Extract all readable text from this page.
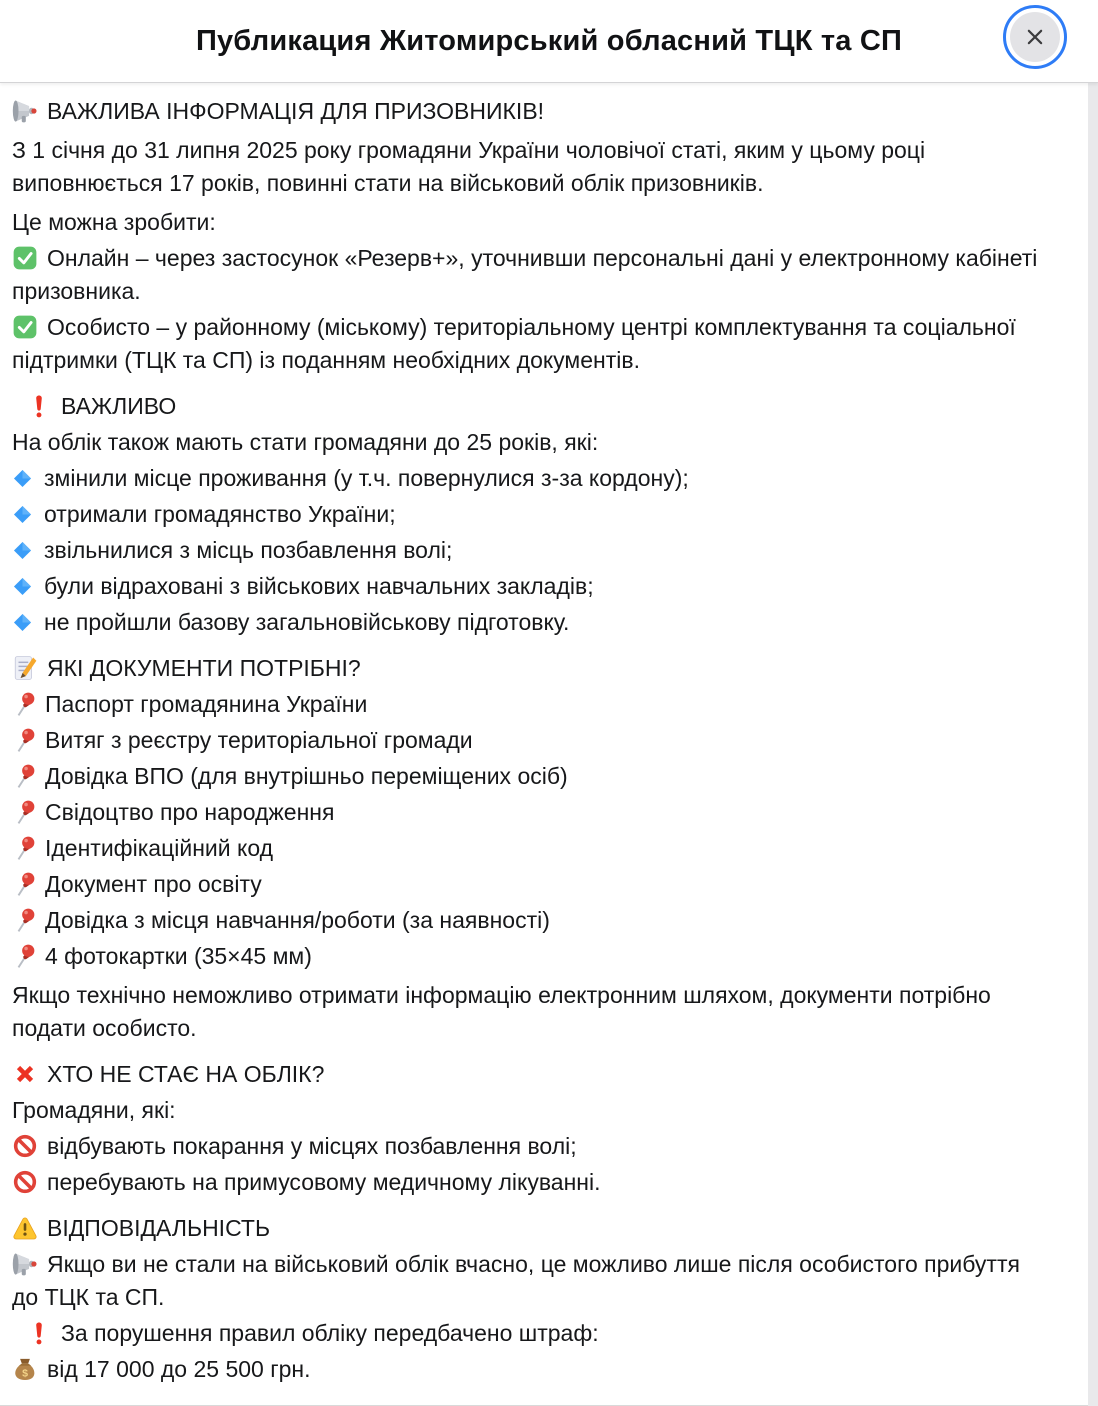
Публикация Житомирський обласний ТЦК та СП

ВАЖЛИВА ІНФОРМАЦІЯ ДЛЯ ПРИЗОВНИКІВ!

З 1 січня до 31 липня 2025 року громадяни України чоловічої статі, яким у цьому році виповнюється 17 років, повинні стати на військовий облік призовників.

Це можна зробити:

Онлайн – через застосунок «Резерв+», уточнивши персональні дані у електронному кабінеті призовника.

Особисто – у районному (міському) територіальному центрі комплектування та соціальної підтримки (ТЦК та СП) із поданням необхідних документів.

ВАЖЛИВО

На облік також мають стати громадяни до 25 років, які:

змінили місце проживання (у т.ч. повернулися з-за кордону);

отримали громадянство України;

звільнилися з місць позбавлення волі;

були відраховані з військових навчальних закладів;

не пройшли базову загальновійськову підготовку.

ЯКІ ДОКУМЕНТИ ПОТРІБНІ?

Паспорт громадянина України

Витяг з реєстру територіальної громади

Довідка ВПО (для внутрішньо переміщених осіб)

Свідоцтво про народження

Ідентифікаційний код

Документ про освіту

Довідка з місця навчання/роботи (за наявності)

4 фотокартки (35×45 мм)

Якщо технічно неможливо отримати інформацію електронним шляхом, документи потрібно подати особисто.

ХТО НЕ СТАЄ НА ОБЛІК?

Громадяни, які:

відбувають покарання у місцях позбавлення волі;

перебувають на примусовому медичному лікуванні.

ВІДПОВІДАЛЬНІСТЬ

Якщо ви не стали на військовий облік вчасно, це можливо лише після особистого прибуття до ТЦК та СП.

За порушення правил обліку передбачено штраф:

від 17 000 до 25 500 грн.
